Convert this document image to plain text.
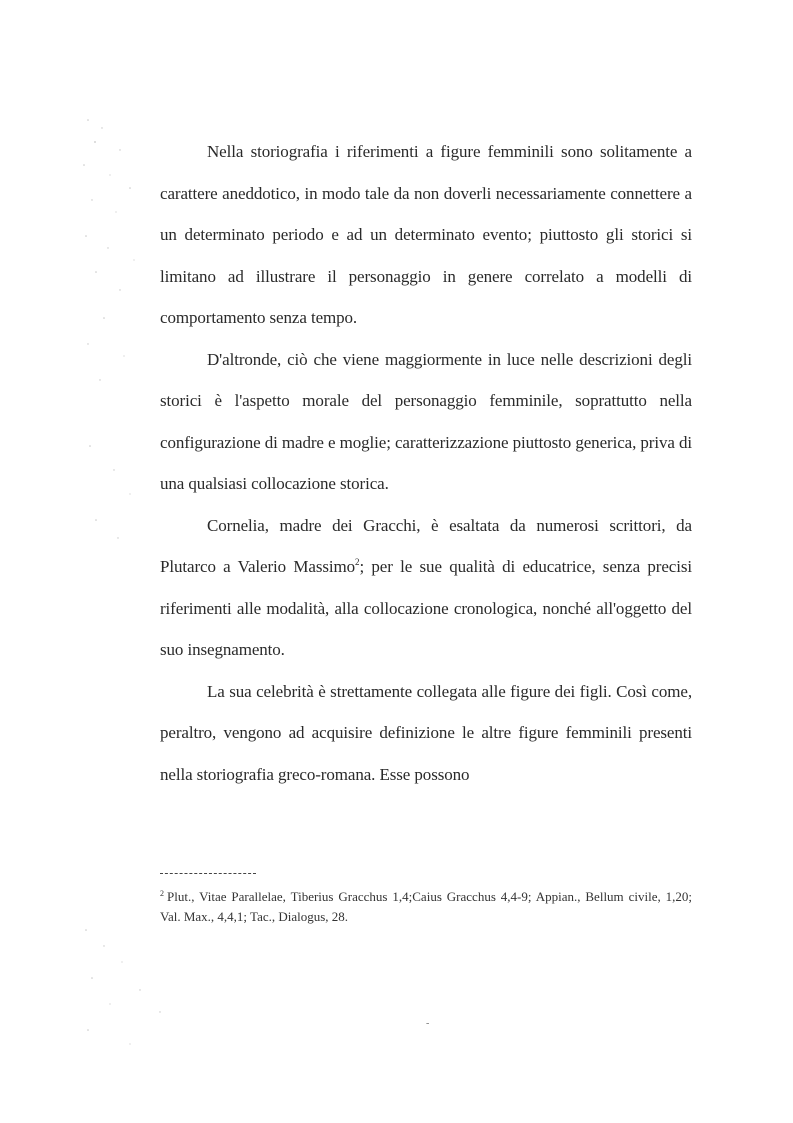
Nella storiografia i riferimenti a figure femminili sono solitamente a carattere aneddotico, in modo tale da non doverli necessariamente connettere a un determinato periodo e ad un determinato evento; piuttosto gli storici si limitano ad illustrare il personaggio in genere correlato a modelli di comportamento senza tempo.

D'altronde, ciò che viene maggiormente in luce nelle descrizioni degli storici è l'aspetto morale del personaggio femminile, soprattutto nella configurazione di madre e moglie; caratterizzazione piuttosto generica, priva di una qualsiasi collocazione storica.

Cornelia, madre dei Gracchi, è esaltata da numerosi scrittori, da Plutarco a Valerio Massimo$^2$; per le sue qualità di educatrice, senza precisi riferimenti alle modalità, alla collocazione cronologica, nonché all'oggetto del suo insegnamento.

La sua celebrità è strettamente collegata alle figure dei figli. Così come, peraltro, vengono ad acquisire definizione le altre figure femminili presenti nella storiografia greco-romana. Esse possono

$^2$ Plut., Vitae Parallelae, Tiberius Gracchus 1,4;Caius Gracchus 4,4-9; Appian., Bellum civile, 1,20; Val. Max., 4,4,1; Tac., Dialogus, 28.
-
